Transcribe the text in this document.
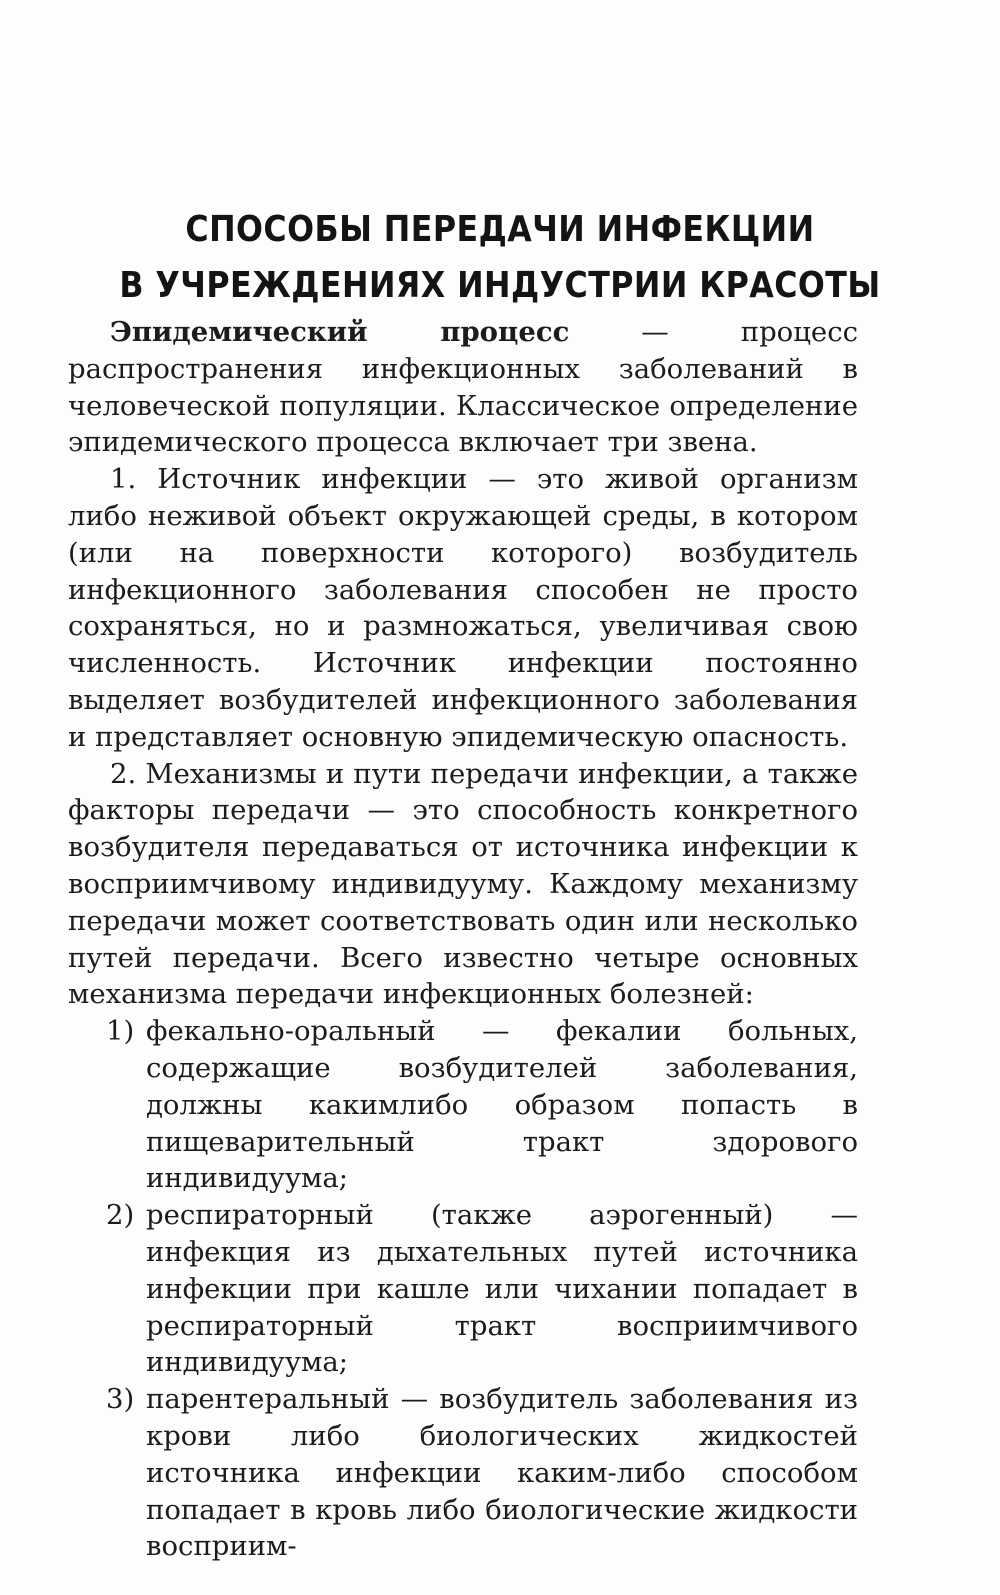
СПОСОБЫ ПЕРЕДАЧИ ИНФЕКЦИИ
В УЧРЕЖДЕНИЯХ ИНДУСТРИИ КРАСОТЫ

Эпидемический процесс — процесс распространения инфекционных заболеваний в человеческой популяции. Классическое определение эпидемического процесса включает три звена.

1. Источник инфекции — это живой организм либо неживой объект окружающей среды, в котором (или на поверхности которого) возбудитель инфекционного заболевания способен не просто сохраняться, но и размножаться, увеличивая свою численность. Источник инфекции постоянно выделяет возбудителей инфекционного заболевания и представляет основную эпидемическую опасность.

2. Механизмы и пути передачи инфекции, а также факторы передачи — это способность конкретного возбудителя передаваться от источника инфекции к восприимчивому индивидууму. Каждому механизму передачи может соответствовать один или несколько путей передачи. Всего известно четыре основных механизма передачи инфекционных болезней:

1) фекально-оральный — фекалии больных, содержащие возбудителей заболевания, должны какимлибо образом попасть в пищеварительный тракт здорового индивидуума;
2) респираторный (также аэрогенный) — инфекция из дыхательных путей источника инфекции при кашле или чихании попадает в респираторный тракт восприимчивого индивидуума;
3) парентеральный — возбудитель заболевания из крови либо биологических жидкостей источника инфекции каким-либо способом попадает в кровь либо биологические жидкости восприим-
